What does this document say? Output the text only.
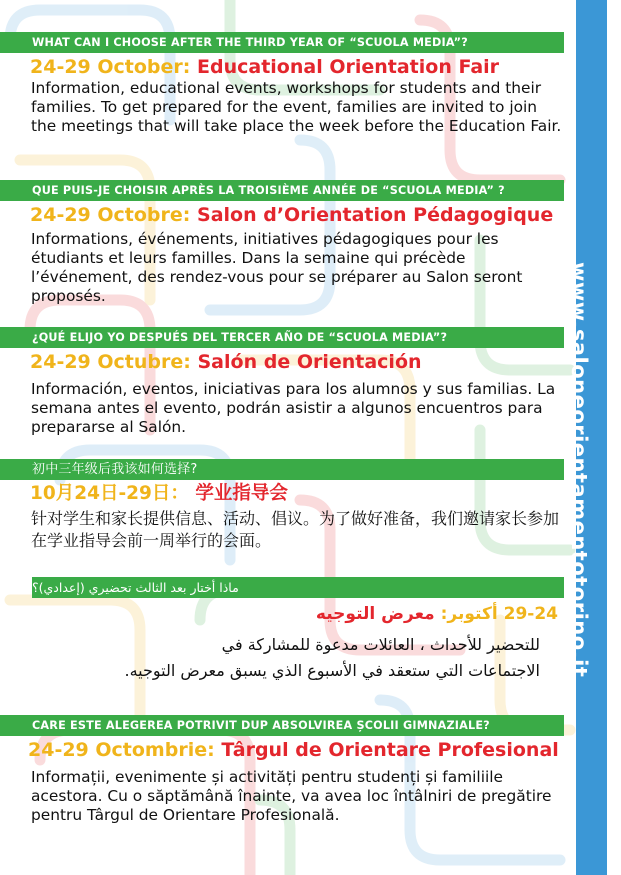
www.saloneorientamentotorino.it
WHAT CAN I CHOOSE AFTER THE THIRD YEAR OF “SCUOLA MEDIA”?
24-29 October: Educational Orientation Fair
Information, educational events, workshops for students and their families. To get prepared for the event, families are invited to join the meetings that will take place the week before the Education Fair.
QUE PUIS-JE CHOISIR APRÈS LA TROISIÈME ANNÉE DE “SCUOLA MEDIA” ?
24-29 Octobre: Salon d’Orientation Pédagogique
Informations, événements, initiatives pédagogiques pour les étudiants et leurs familles. Dans la semaine qui précède l’événement, des rendez-vous pour se préparer au Salon seront proposés.
¿QUÉ ELIJO YO DESPUÉS DEL TERCER AÑO DE “SCUOLA MEDIA”?
24-29 Octubre: Salón de Orientación
Información, eventos, iniciativas para los alumnos y sus familias. La semana antes el evento, podrán asistir a algunos encuentros para prepararse al Salón.
初中三年级后我该如何选择?
10月24日-29日： 学业指导会
针对学生和家长提供信息、活动、倡议。为了做好准备，我们邀请家长参加在学业指导会前一周举行的会面。
ماذا أختار بعد الثالث تحضيري (إعدادي)؟
29-24 أكتوبر: معرض التوجيه
للتحضير للأحداث ، العائلات مدعوة للمشاركة في
الاجتماعات التي ستعقد في الأسبوع الذي يسبق معرض التوجيه.
CARE ESTE ALEGEREA POTRIVIT DUP ABSOLVIREA ȘCOLII GIMNAZIALE?
24-29 Octombrie: Târgul de Orientare Profesional
Informații, evenimente și activități pentru studenți și familiile acestora. Cu o săptămână înainte, va avea loc întâlniri de pregătire pentru Târgul de Orientare Profesională.
